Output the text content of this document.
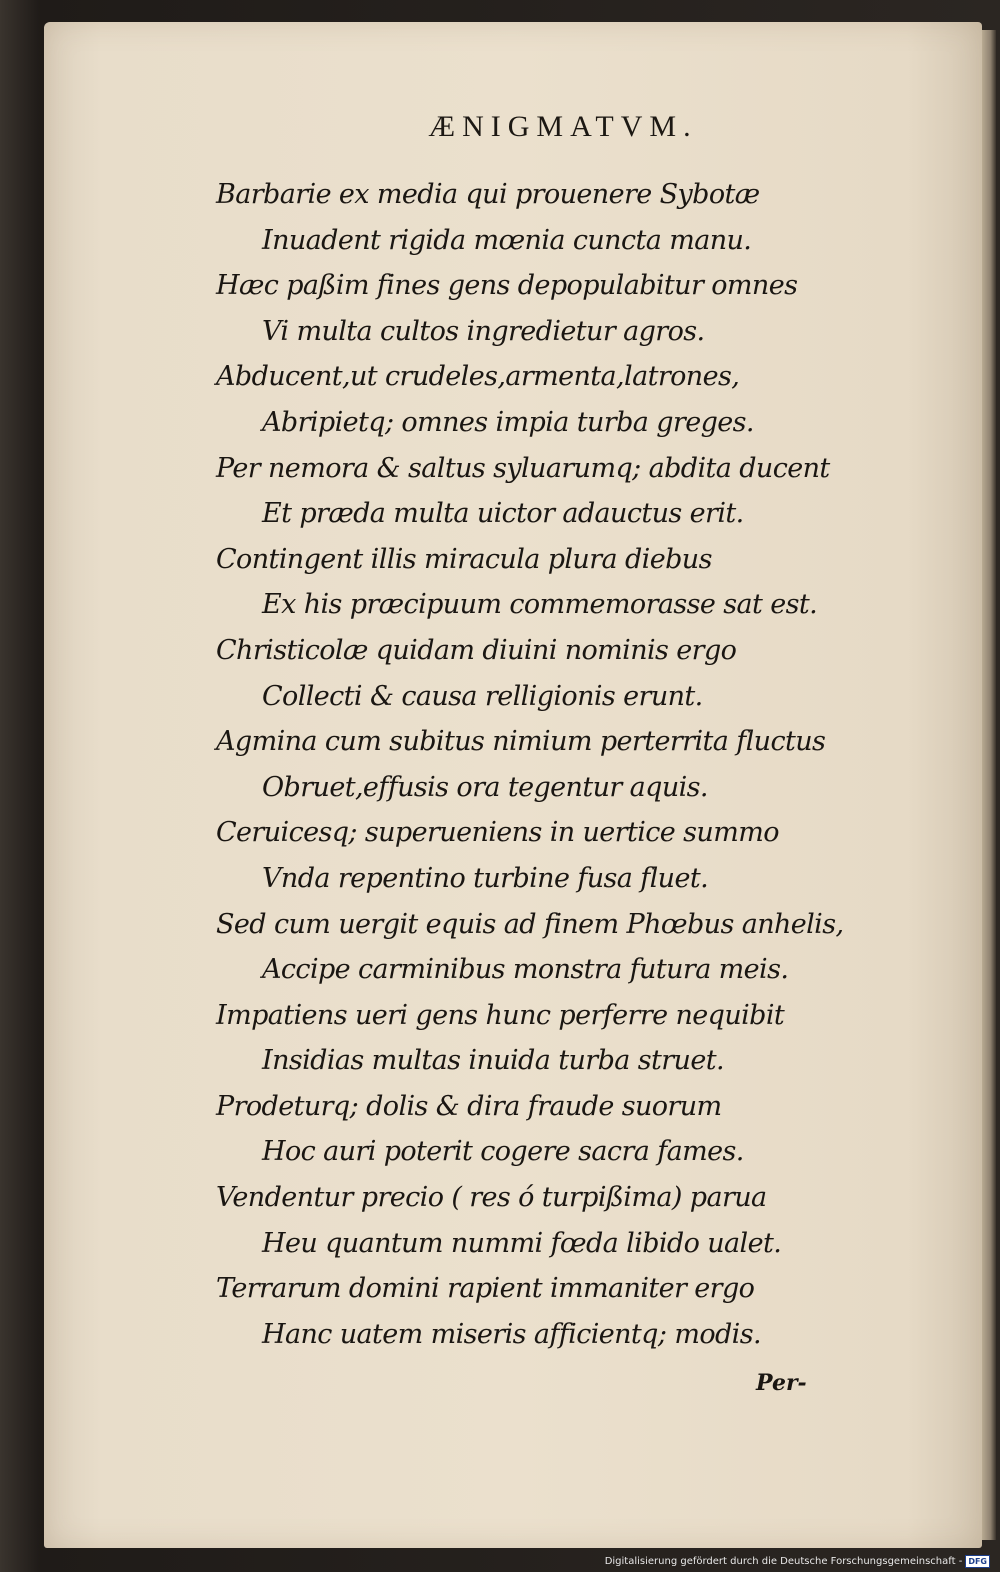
ÆNIGMATVM.
Barbarie ex media qui prouenere Sybotæ
Inuadent rigida mœnia cuncta manu.
Hæc paßim fines gens depopulabitur omnes
Vi multa cultos ingredietur agros.
Abducent,ut crudeles,armenta,latrones,
Abripietq; omnes impia turba greges.
Per nemora & saltus syluarumq; abdita ducent
Et præda multa uictor adauctus erit.
Contingent illis miracula plura diebus
Ex his præcipuum commemorasse sat est.
Christicolæ quidam diuini nominis ergo
Collecti & causa relligionis erunt.
Agmina cum subitus nimium perterrita fluctus
Obruet,effusis ora tegentur aquis.
Ceruicesq; superueniens in uertice summo
Vnda repentino turbine fusa fluet.
Sed cum uergit equis ad finem Phœbus anhelis,
Accipe carminibus monstra futura meis.
Impatiens ueri gens hunc perferre nequibit
Insidias multas inuida turba struet.
Prodeturq; dolis & dira fraude suorum
Hoc auri poterit cogere sacra fames.
Vendentur precio ( res ó turpißima) parua
Heu quantum nummi fœda libido ualet.
Terrarum domini rapient immaniter ergo
Hanc uatem miseris afficientq; modis.
Per-
Digitalisierung gefördert durch die Deutsche Forschungsgemeinschaft - DFG
